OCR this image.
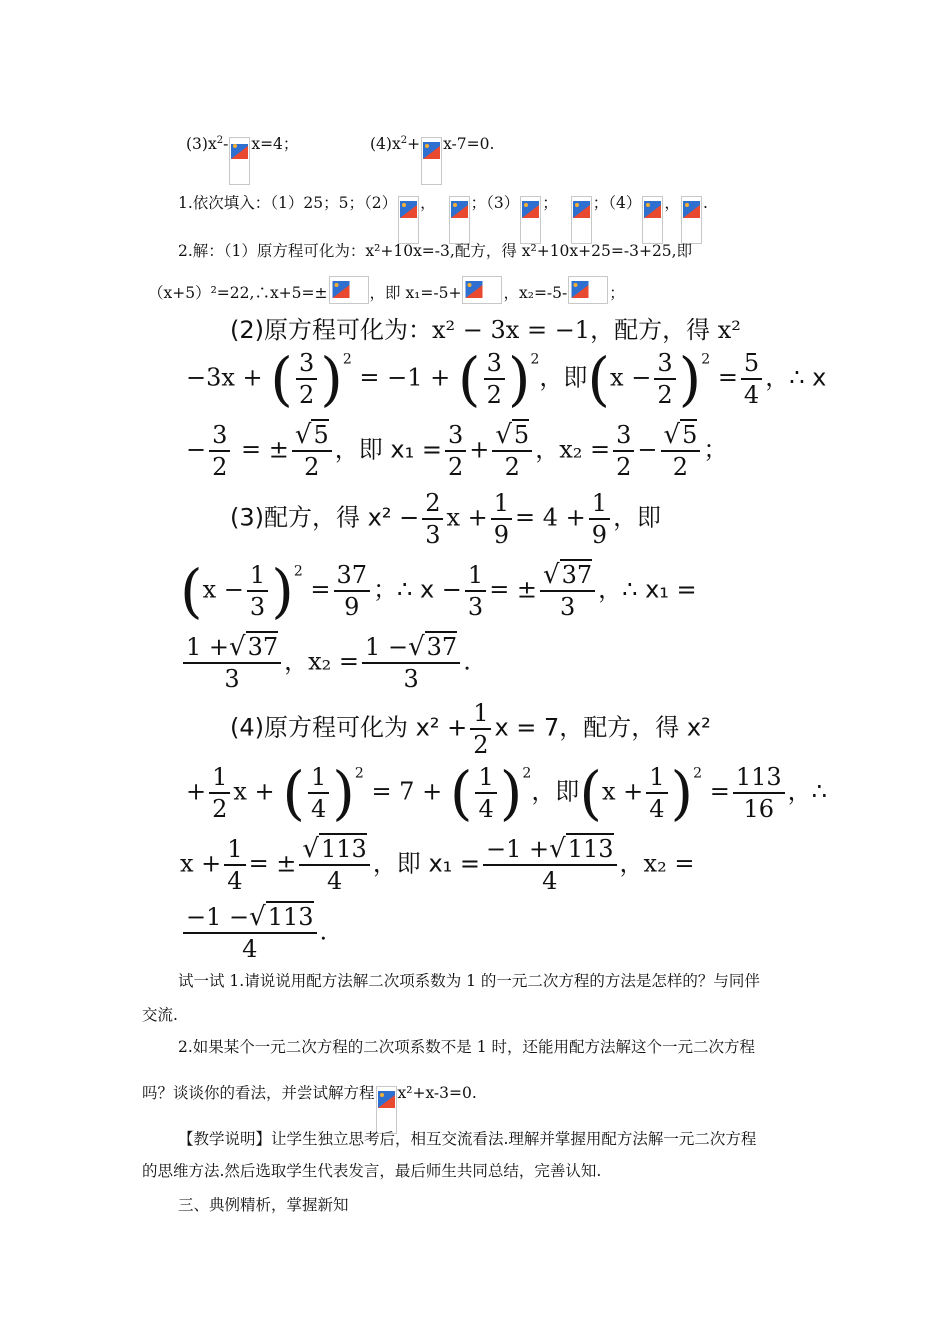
$(3)x^2-$ x=4；	$(4)x^2+ x-7=0$.
1.依次填入：（1）25；5；（2） ， ；（3） ； ；（4） ， .
2.解：（1）原方程可化为：x²+10x=-3,配方，得 x²+10x+25=-3+25,即
（x+5）²=22,∴x+5=±	，即 x₁=-5+	，x₂=-5-	；
(2)原方程可化为：x² − 3x = −1，配方，得 x²
−3x + ( $\frac{3}{2} )^2 = -1$ + ( $\frac{3}{2} )^2$，即$(x - \frac{3}{2} )^2 = \frac{5}{4}$ ，∴ x
− $\frac{3}{2}$ = ± $\frac{√5}{2}$ ，即 $x_1 = \frac{3}{2} + \frac{√5}{2}$ ，$x_2 = \frac{3}{2} - \frac{√5}{2}$ ；
(3)配方，得 $x^2 - \frac{2}{3}$ $x + \frac{1}{9} = 4 + \frac{1}{9}$ ，即
$(x - \frac{1}{3} )^2 = \frac{37}{9}$ ；∴ $x - \frac{1}{3}$ = ± $\frac{√37}{3}$ ，∴ x₁ =
$\frac{1 +√37}{3}$ ，$x_2 = \frac{1 -√37}{3}$ .
(4)原方程可化为 $x^2 + \frac{1}{2}$ x = 7，配方，得 x²
+ $\frac{1}{2}$ x + ( $\frac{1}{4} )^2 = 7$ + ( $\frac{1}{4} )^2$，即$(x + \frac{1}{4} )^2 = \frac{113}{16}$ ，∴
$x + \frac{1}{4}$ = ± $\frac{√113}{4}$ ，即 $x_1 = \frac{-1 +√113}{4}$ ，x₂ =
$\frac{-1 -√113}{4}$ .
试一试 1.请说说用配方法解二次项系数为 1 的一元二次方程的方法是怎样的？与同伴
交流.
2.如果某个一元二次方程的二次项系数不是 1 时，还能用配方法解这个一元二次方程
吗？谈谈你的看法，并尝试解方程 x²+x-3=0.
【教学说明】让学生独立思考后，相互交流看法.理解并掌握用配方法解一元二次方程
的思维方法.然后选取学生代表发言，最后师生共同总结，完善认知.
三、典例精析，掌握新知
